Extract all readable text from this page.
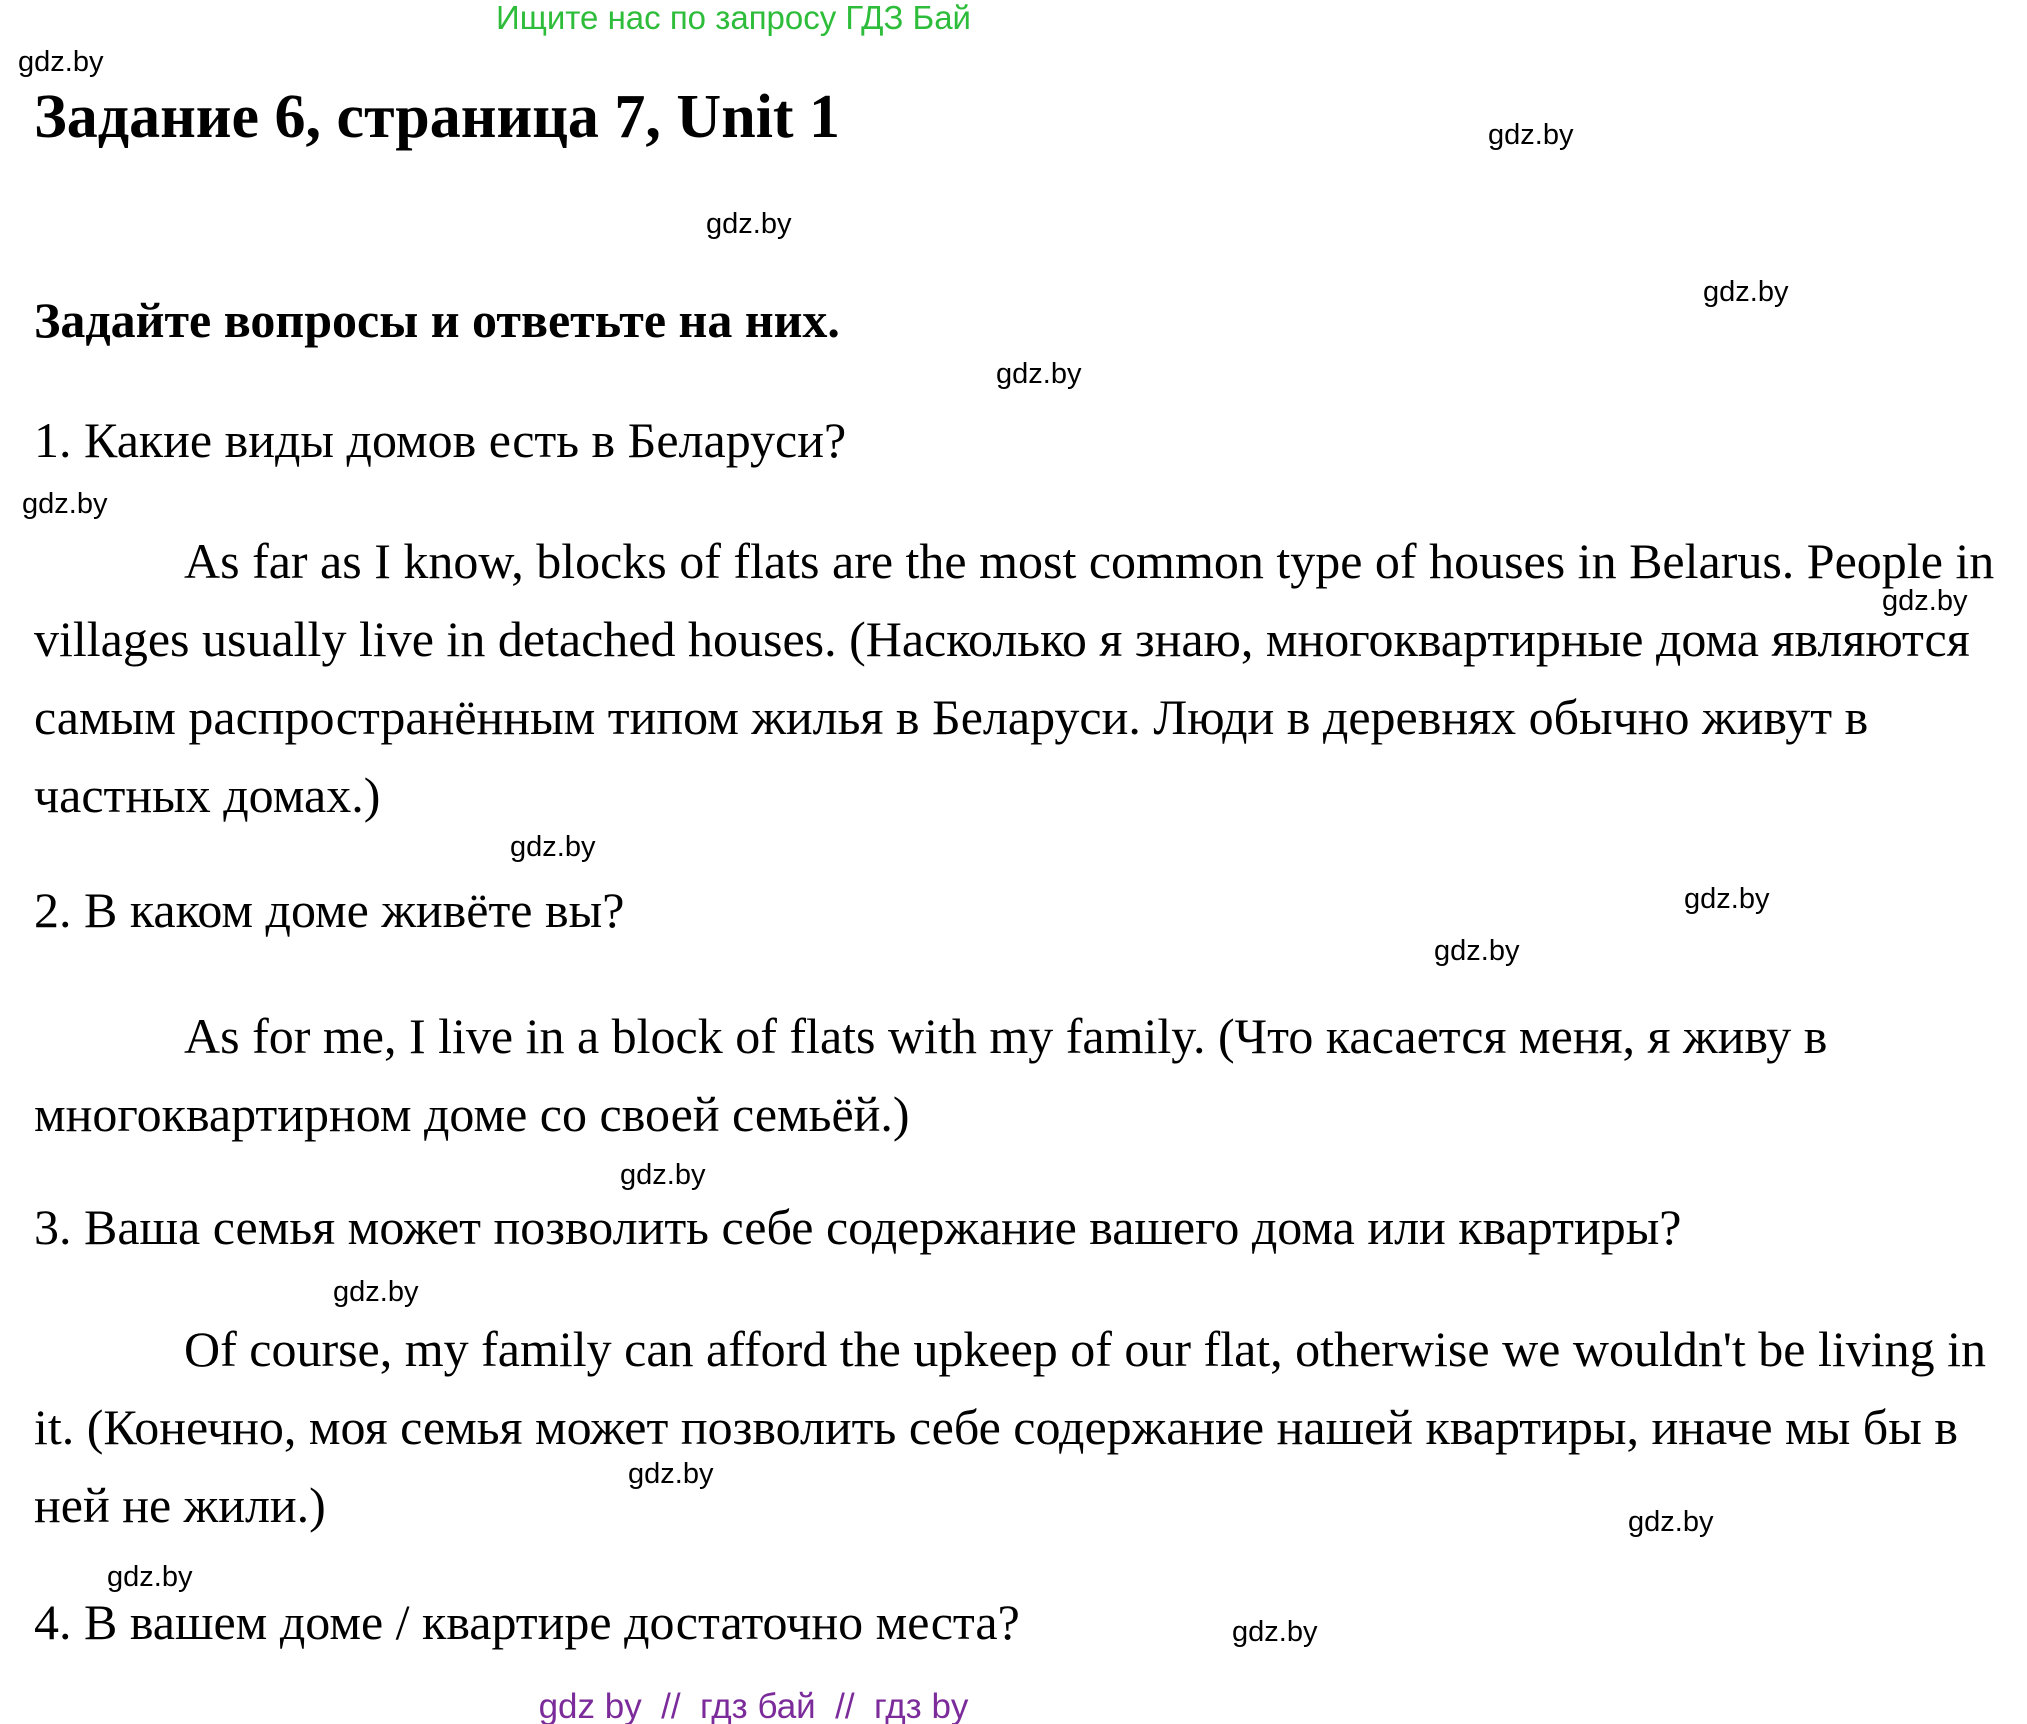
Ищите нас по запросу ГДЗ Бай
Задание 6, страница 7, Unit 1
Задайте вопросы и ответьте на них.
1. Какие виды домов есть в Беларуси?
As far as I know, blocks of flats are the most common type of houses in Belarus. People in villages usually live in detached houses. (Насколько я знаю, многоквартирные дома являются самым распространённым типом жилья в Беларуси. Люди в деревнях обычно живут в частных домах.)
2. В каком доме живёте вы?
As for me, I live in a block of flats with my family. (Что касается меня, я живу в многоквартирном доме со своей семьёй.)
3. Ваша семья может позволить себе содержание вашего дома или квартиры?
Of course, my family can afford the upkeep of our flat, otherwise we wouldn't be living in it. (Конечно, моя семья может позволить себе содержание нашей квартиры, иначе мы бы в ней не жили.)
4. В вашем доме / квартире достаточно места?
gdz.by
gdz.by
gdz.by
gdz.by
gdz.by
gdz.by
gdz.by
gdz.by
gdz.by
gdz.by
gdz.by
gdz.by
gdz.by
gdz.by
gdz.by
gdz.by
gdz by  //  гдз бай  //  гдз by
